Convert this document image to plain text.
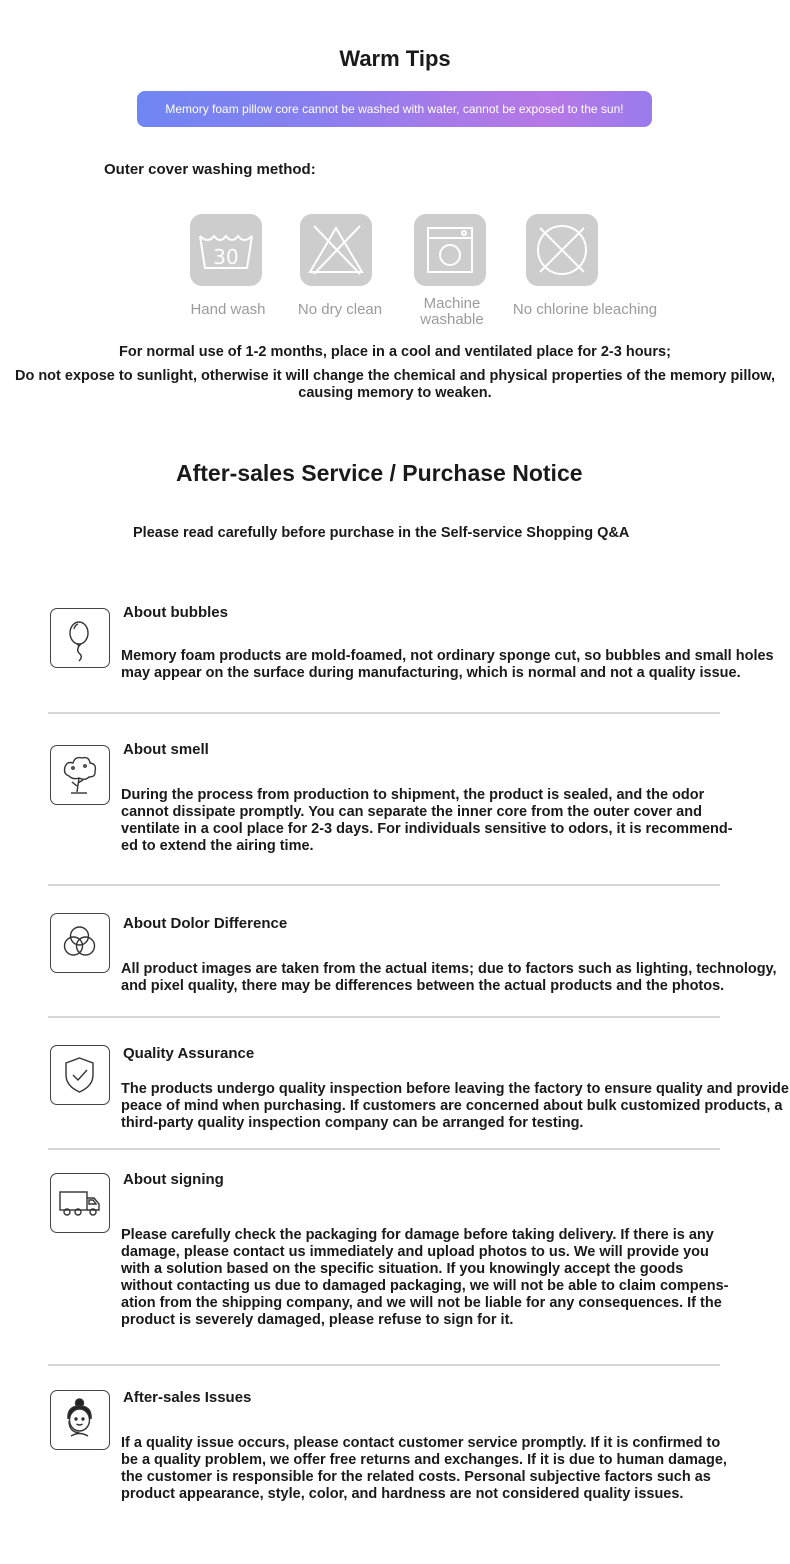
Warm Tips
Memory foam pillow core cannot be washed with water, cannot be exposed to the sun!
Outer cover washing method:
30
Hand wash	No dry clean	Machine
washable
No chlorine bleaching
For normal use of 1-2 months, place in a cool and ventilated place for 2-3 hours;
Do not expose to sunlight, otherwise it will change the chemical and physical properties of the memory pillow,
causing memory to weaken.
After-sales Service / Purchase Notice
Please read carefully before purchase in the Self-service Shopping Q&A
About bubbles
Memory foam products are mold-foamed, not ordinary sponge cut, so bubbles and small holes
may appear on the surface during manufacturing, which is normal and not a quality issue.
About smell
During the process from production to shipment, the product is sealed, and the odor
cannot dissipate promptly. You can separate the inner core from the outer cover and
ventilate in a cool place for 2-3 days. For individuals sensitive to odors, it is recommend-
ed to extend the airing time.
About Dolor Difference
All product images are taken from the actual items; due to factors such as lighting, technology,
and pixel quality, there may be differences between the actual products and the photos.
Quality Assurance
The products undergo quality inspection before leaving the factory to ensure quality and provide
peace of mind when purchasing. If customers are concerned about bulk customized products, a
third-party quality inspection company can be arranged for testing.
About signing
Please carefully check the packaging for damage before taking delivery. If there is any
damage, please contact us immediately and upload photos to us. We will provide you
with a solution based on the specific situation. If you knowingly accept the goods
without contacting us due to damaged packaging, we will not be able to claim compens-
ation from the shipping company, and we will not be liable for any consequences. If the
product is severely damaged, please refuse to sign for it.
After-sales Issues
If a quality issue occurs, please contact customer service promptly. If it is confirmed to
be a quality problem, we offer free returns and exchanges. If it is due to human damage,
the customer is responsible for the related costs. Personal subjective factors such as
product appearance, style, color, and hardness are not considered quality issues.
